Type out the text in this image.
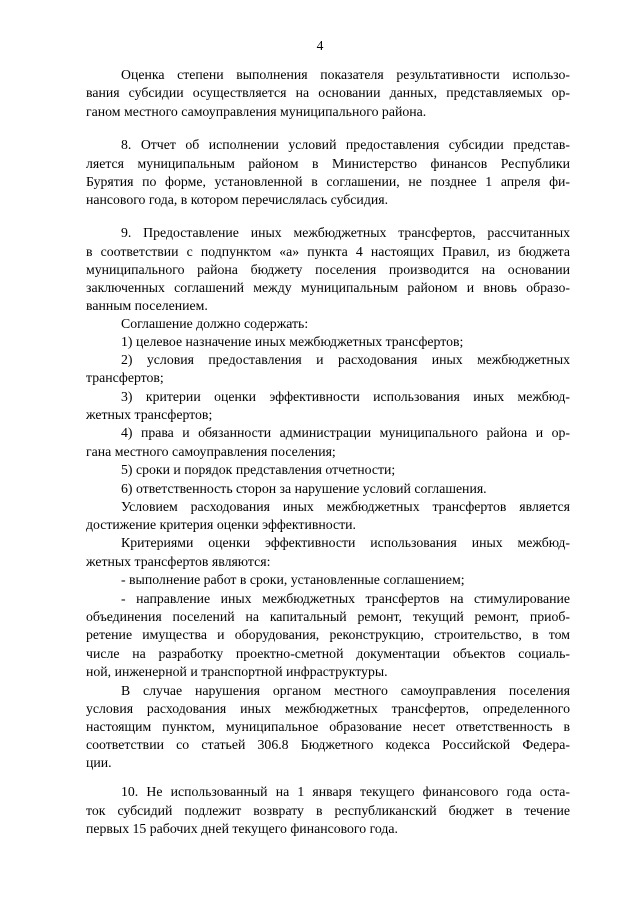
4
Оценка степени выполнения показателя результативности использо-
вания субсидии осуществляется на основании данных, представляемых ор-
ганом местного самоуправления муниципального района.
8. Отчет об исполнении условий предоставления субсидии представ-
ляется муниципальным районом в Министерство финансов Республики
Бурятия по форме, установленной в соглашении, не позднее 1 апреля фи-
нансового года, в котором перечислялась субсидия.
9. Предоставление иных межбюджетных трансфертов, рассчитанных
в соответствии с подпунктом «а» пункта 4 настоящих Правил, из бюджета
муниципального района бюджету поселения производится на основании
заключенных соглашений между муниципальным районом и вновь образо-
ванным поселением.
Соглашение должно содержать:
1) целевое назначение иных межбюджетных трансфертов;
2) условия предоставления и расходования иных межбюджетных
трансфертов;
3) критерии оценки эффективности использования иных межбюд-
жетных трансфертов;
4) права и обязанности администрации муниципального района и ор-
гана местного самоуправления поселения;
5) сроки и порядок представления отчетности;
6) ответственность сторон за нарушение условий соглашения.
Условием расходования иных межбюджетных трансфертов является
достижение критерия оценки эффективности.
Критериями оценки эффективности использования иных межбюд-
жетных трансфертов являются:
- выполнение работ в сроки, установленные соглашением;
- направление иных межбюджетных трансфертов на стимулирование
объединения поселений на капитальный ремонт, текущий ремонт, приоб-
ретение имущества и оборудования, реконструкцию, строительство, в том
числе на разработку проектно-сметной документации объектов социаль-
ной, инженерной и транспортной инфраструктуры.
В случае нарушения органом местного самоуправления поселения
условия расходования иных межбюджетных трансфертов, определенного
настоящим пунктом, муниципальное образование несет ответственность в
соответствии со статьей 306.8 Бюджетного кодекса Российской Федера-
ции.
10. Не использованный на 1 января текущего финансового года оста-
ток субсидий подлежит возврату в республиканский бюджет в течение
первых 15 рабочих дней текущего финансового года.
